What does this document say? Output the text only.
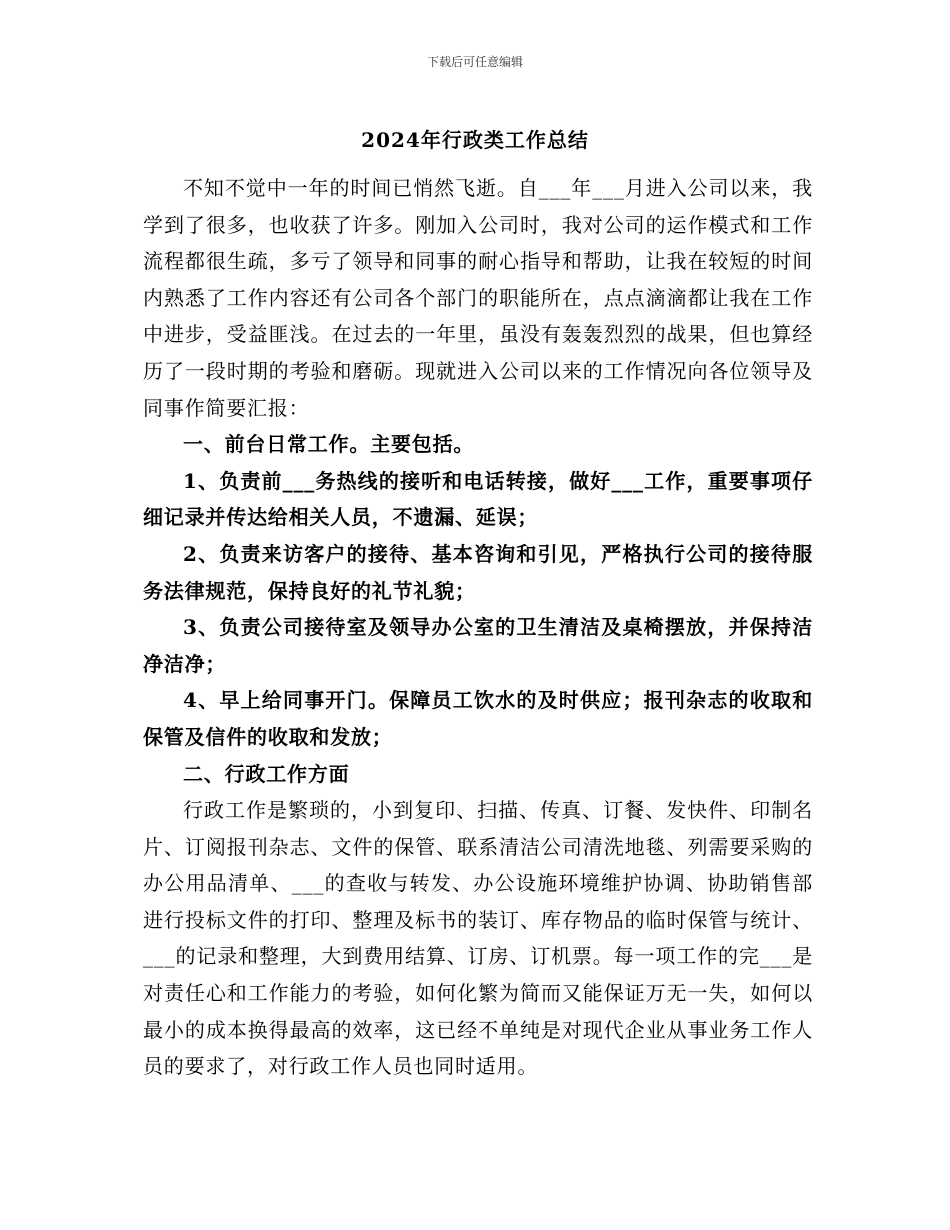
下载后可任意编辑
2024年行政类工作总结

不知不觉中一年的时间已悄然飞逝。自___年___月进入公司以来，我学到了很多，也收获了许多。刚加入公司时，我对公司的运作模式和工作流程都很生疏，多亏了领导和同事的耐心指导和帮助，让我在较短的时间内熟悉了工作内容还有公司各个部门的职能所在，点点滴滴都让我在工作中进步，受益匪浅。在过去的一年里，虽没有轰轰烈烈的战果，但也算经历了一段时期的考验和磨砺。现就进入公司以来的工作情况向各位领导及同事作简要汇报：

一、前台日常工作。主要包括。

1、负责前___务热线的接听和电话转接，做好___工作，重要事项仔细记录并传达给相关人员，不遗漏、延误；

2、负责来访客户的接待、基本咨询和引见，严格执行公司的接待服务法律规范，保持良好的礼节礼貌；

3、负责公司接待室及领导办公室的卫生清洁及桌椅摆放，并保持洁净洁净；

4、早上给同事开门。保障员工饮水的及时供应；报刊杂志的收取和保管及信件的收取和发放；

二、行政工作方面

行政工作是繁琐的，小到复印、扫描、传真、订餐、发快件、印制名片、订阅报刊杂志、文件的保管、联系清洁公司清洗地毯、列需要采购的办公用品清单、___的查收与转发、办公设施环境维护协调、协助销售部进行投标文件的打印、整理及标书的装订、库存物品的临时保管与统计、___的记录和整理，大到费用结算、订房、订机票。每一项工作的完___是对责任心和工作能力的考验，如何化繁为简而又能保证万无一失，如何以最小的成本换得最高的效率，这已经不单纯是对现代企业从事业务工作人员的要求了，对行政工作人员也同时适用。
